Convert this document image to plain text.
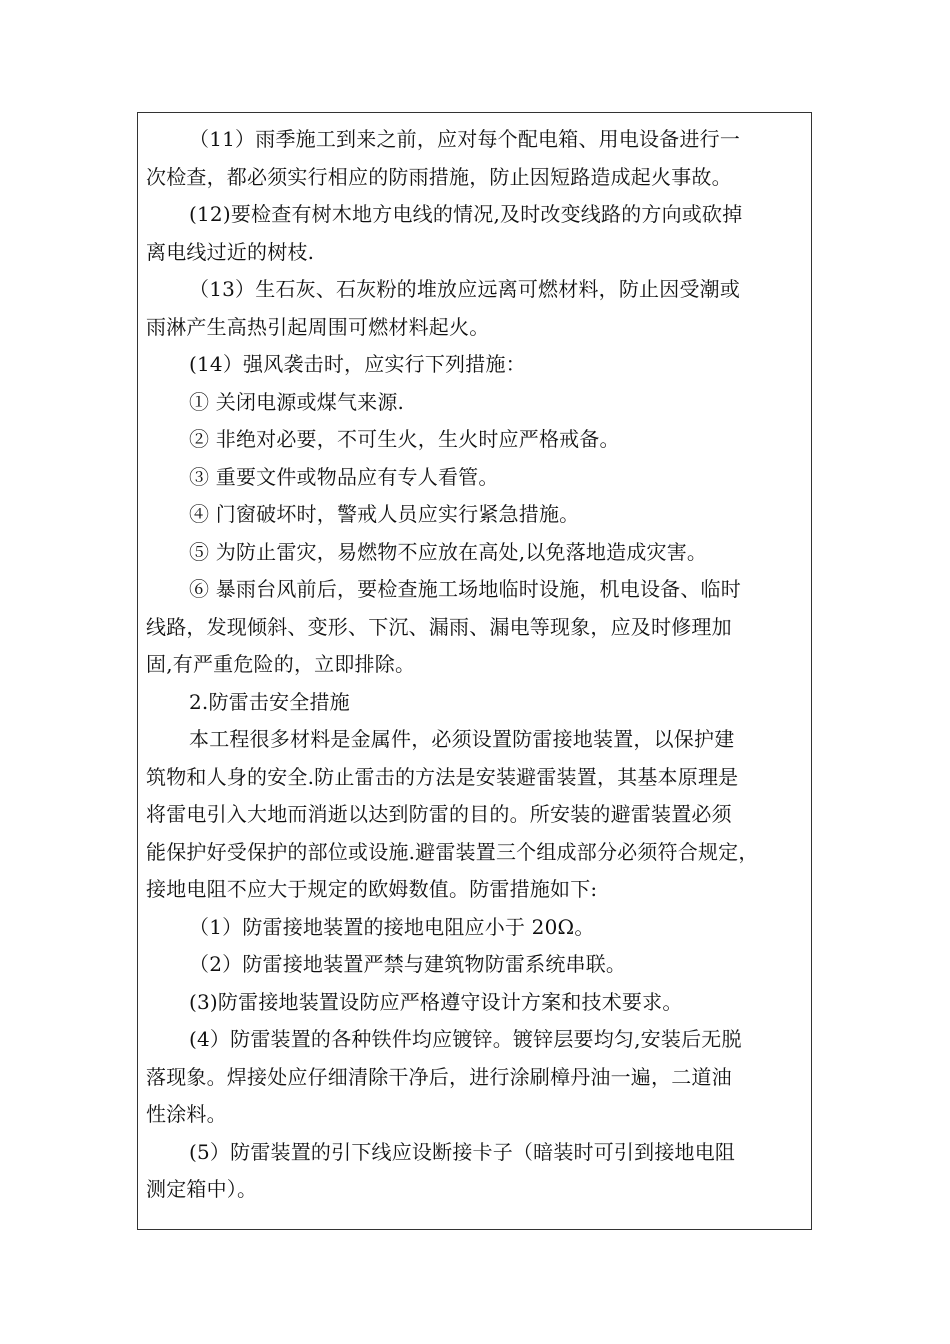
（11）雨季施工到来之前，应对每个配电箱、用电设备进行一
次检查，都必须实行相应的防雨措施，防止因短路造成起火事故。
(12)要检查有树木地方电线的情况,及时改变线路的方向或砍掉
离电线过近的树枝.
（13）生石灰、石灰粉的堆放应远离可燃材料，防止因受潮或
雨淋产生高热引起周围可燃材料起火。
(14）强风袭击时，应实行下列措施：
① 关闭电源或煤气来源.
② 非绝对必要，不可生火，生火时应严格戒备。
③ 重要文件或物品应有专人看管。
④ 门窗破坏时，警戒人员应实行紧急措施。
⑤ 为防止雷灾，易燃物不应放在高处,以免落地造成灾害。
⑥ 暴雨台风前后，要检查施工场地临时设施，机电设备、临时
线路，发现倾斜、变形、下沉、漏雨、漏电等现象，应及时修理加
固,有严重危险的，立即排除。
2.防雷击安全措施
本工程很多材料是金属件，必须设置防雷接地装置，以保护建
筑物和人身的安全.防止雷击的方法是安装避雷装置，其基本原理是
将雷电引入大地而消逝以达到防雷的目的。所安装的避雷装置必须
能保护好受保护的部位或设施.避雷装置三个组成部分必须符合规定，
接地电阻不应大于规定的欧姆数值。防雷措施如下:
（1）防雷接地装置的接地电阻应小于 20Ω。
（2）防雷接地装置严禁与建筑物防雷系统串联。
(3)防雷接地装置设防应严格遵守设计方案和技术要求。
(4）防雷装置的各种铁件均应镀锌。镀锌层要均匀,安装后无脱
落现象。焊接处应仔细清除干净后，进行涂刷樟丹油一遍，二道油
性涂料。
(5）防雷装置的引下线应设断接卡子（暗装时可引到接地电阻
测定箱中）。
